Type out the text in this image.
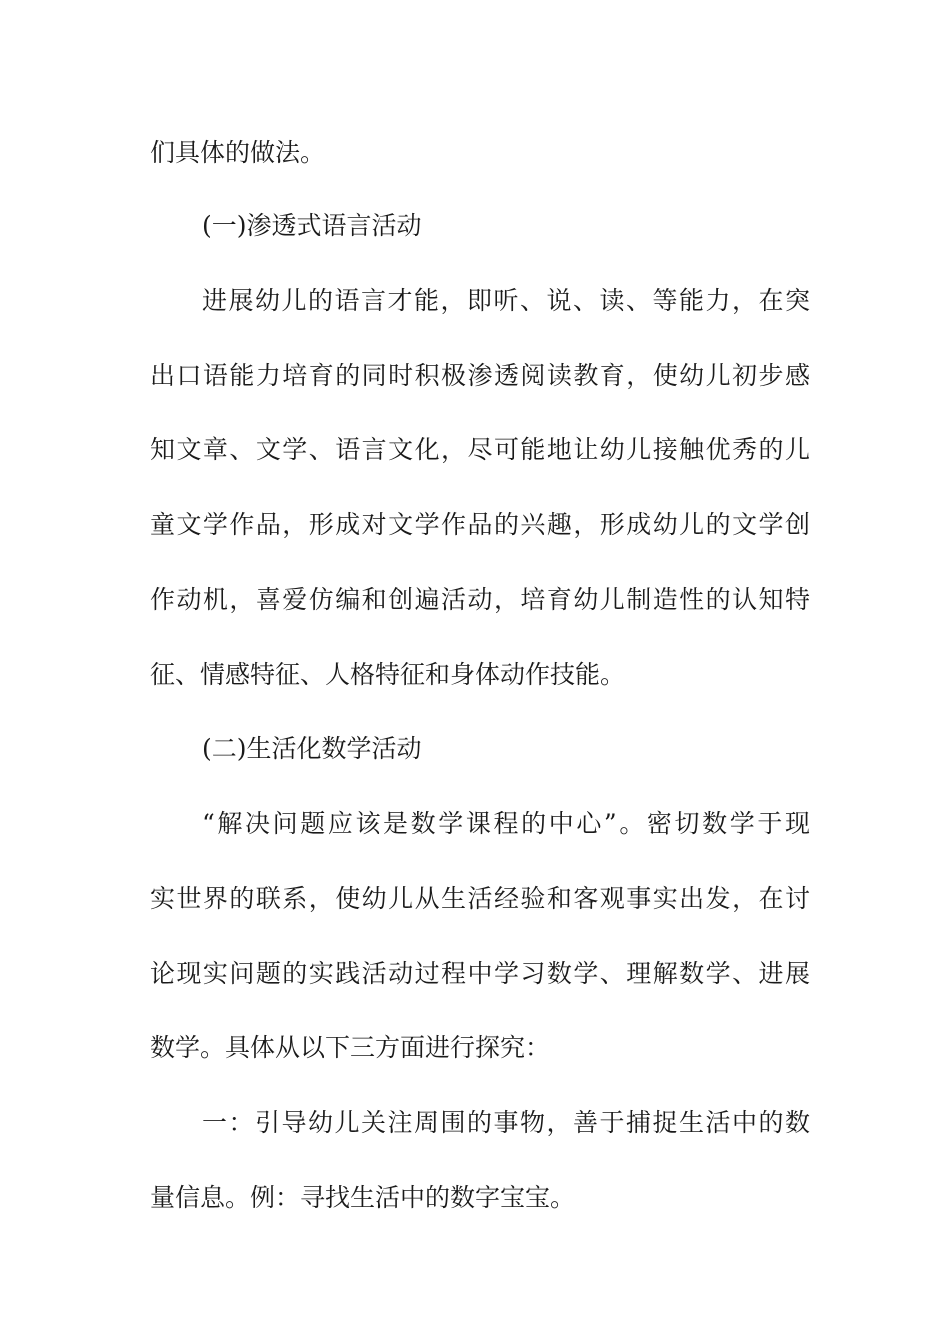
们具体的做法。
(一)渗透式语言活动
进展幼儿的语言才能，即听、说、读、等能力，在突
出口语能力培育的同时积极渗透阅读教育，使幼儿初步感
知文章、文学、语言文化，尽可能地让幼儿接触优秀的儿
童文学作品，形成对文学作品的兴趣，形成幼儿的文学创
作动机，喜爱仿编和创遍活动，培育幼儿制造性的认知特
征、情感特征、人格特征和身体动作技能。
(二)生活化数学活动
“解决问题应该是数学课程的中心”。密切数学于现
实世界的联系，使幼儿从生活经验和客观事实出发，在讨
论现实问题的实践活动过程中学习数学、理解数学、进展
数学。具体从以下三方面进行探究：
一：引导幼儿关注周围的事物，善于捕捉生活中的数
量信息。例：寻找生活中的数字宝宝。
